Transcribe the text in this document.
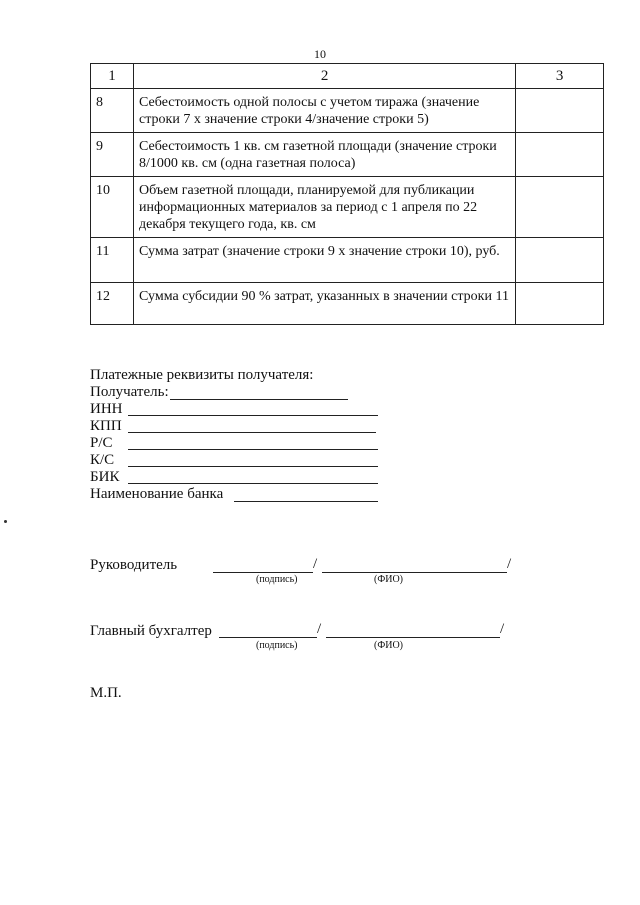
10
1	2	3
8	Себестоимость одной полосы с учетом тиража (значение строки 7 х значение строки 4/значение строки 5)	
9	Себестоимость 1 кв. см газетной площади (значение строки 8/1000 кв. см (одна газетная полоса)	
10	Объем газетной площади, планируемой для публикации информационных материалов за период с 1 апреля по 22 декабря текущего года, кв. см	
11	Сумма затрат (значение строки 9 х значение строки 10), руб.	
12	Сумма субсидии 90 % затрат, указанных в значении строки 11	
Платежные реквизиты получателя:
Получатель:
ИНН
КПП
Р/С
К/С
БИК
Наименование банка
Руководитель	/	/
(подпись)	(ФИО)
Главный бухгалтер	/	/
(подпись)	(ФИО)
М.П.
